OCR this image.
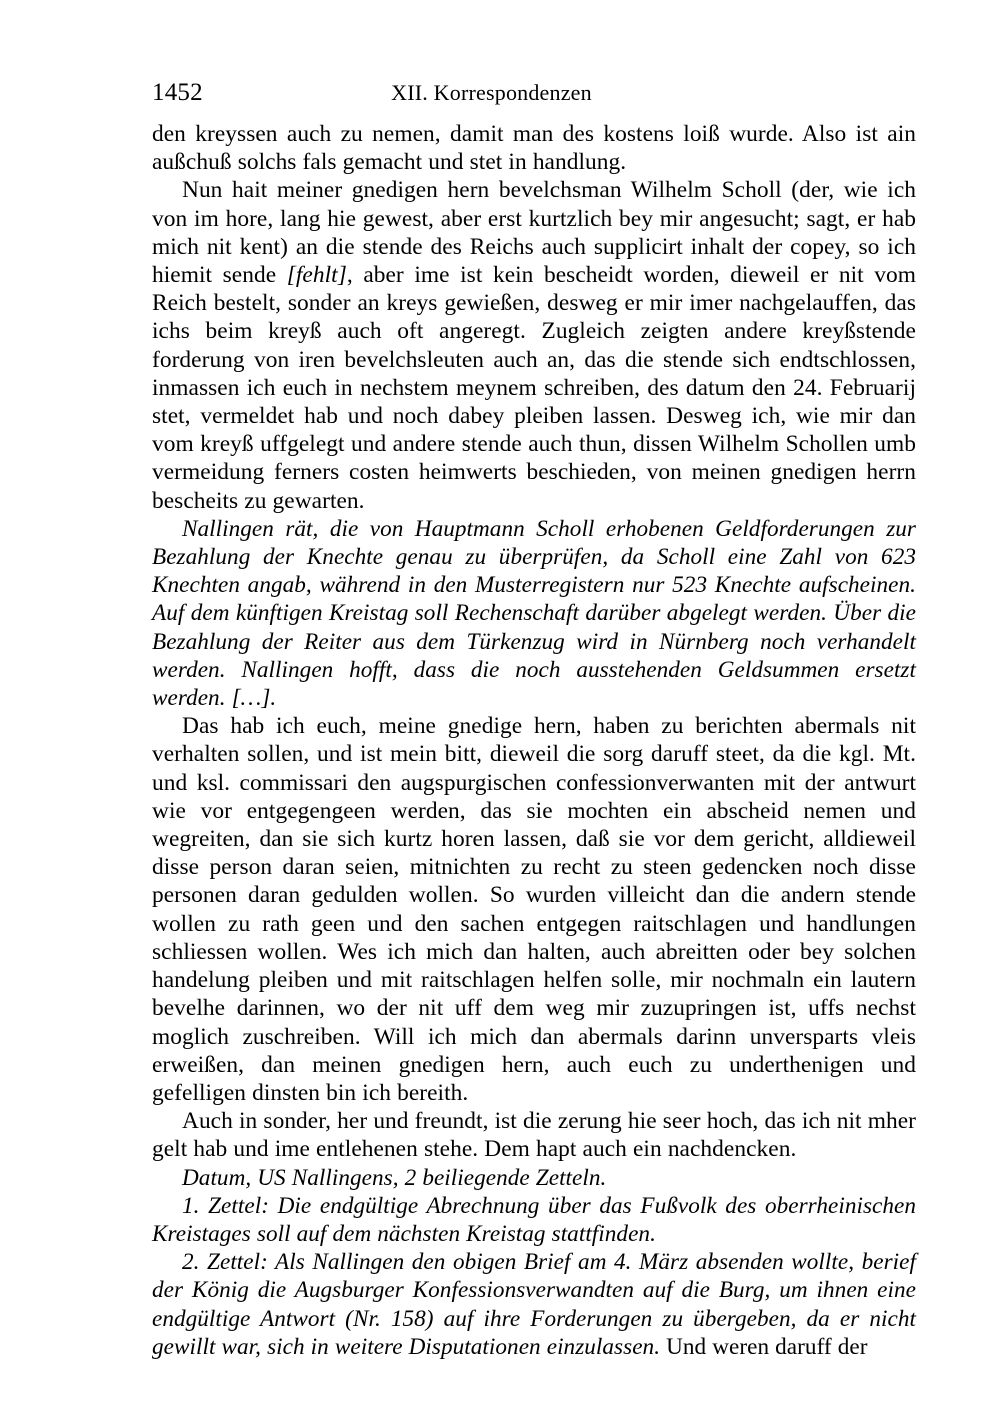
1452	XII. Korrespondenzen

den kreyssen auch zu nemen, damit man des kostens loiß wurde. Also ist ain außchuß solchs fals gemacht und stet in handlung.

Nun hait meiner gnedigen hern bevelchsman Wilhelm Scholl (der, wie ich von im hore, lang hie gewest, aber erst kurtzlich bey mir angesucht; sagt, er hab mich nit kent) an die stende des Reichs auch supplicirt inhalt der copey, so ich hiemit sende [fehlt], aber ime ist kein bescheidt worden, dieweil er nit vom Reich bestelt, sonder an kreys gewießen, desweg er mir imer nachgelauffen, das ichs beim kreyß auch oft angeregt. Zugleich zeigten andere kreyßstende forderung von iren bevelchsleuten auch an, das die stende sich endtschlossen, inmassen ich euch in nechstem meynem schreiben, des datum den 24. Februarij stet, vermeldet hab und noch dabey pleiben lassen. Desweg ich, wie mir dan vom kreyß uffgelegt und andere stende auch thun, dissen Wilhelm Schollen umb vermeidung ferners costen heimwerts beschieden, von meinen gnedigen herrn bescheits zu gewarten.

Nallingen rät, die von Hauptmann Scholl erhobenen Geldforderungen zur Bezahlung der Knechte genau zu überprüfen, da Scholl eine Zahl von 623 Knechten angab, während in den Musterregistern nur 523 Knechte aufscheinen. Auf dem künftigen Kreistag soll Rechenschaft darüber abgelegt werden. Über die Bezahlung der Reiter aus dem Türkenzug wird in Nürnberg noch verhandelt werden. Nallingen hofft, dass die noch ausstehenden Geldsummen ersetzt werden. […].

Das hab ich euch, meine gnedige hern, haben zu berichten abermals nit verhalten sollen, und ist mein bitt, dieweil die sorg daruff steet, da die kgl. Mt. und ksl. commissari den augspurgischen confessionverwanten mit der antwurt wie vor entgegengeen werden, das sie mochten ein abscheid nemen und wegreiten, dan sie sich kurtz horen lassen, daß sie vor dem gericht, alldieweil disse person daran seien, mitnichten zu recht zu steen gedencken noch disse personen daran gedulden wollen. So wurden villeicht dan die andern stende wollen zu rath geen und den sachen entgegen raitschlagen und handlungen schliessen wollen. Wes ich mich dan halten, auch abreitten oder bey solchen handelung pleiben und mit raitschlagen helfen solle, mir nochmaln ein lautern bevelhe darinnen, wo der nit uff dem weg mir zuzupringen ist, uffs nechst moglich zuschreiben. Will ich mich dan abermals darinn unversparts vleis erweißen, dan meinen gnedigen hern, auch euch zu underthenigen und gefelligen dinsten bin ich bereith.

Auch in sonder, her und freundt, ist die zerung hie seer hoch, das ich nit mher gelt hab und ime entlehenen stehe. Dem hapt auch ein nachdencken.

Datum, US Nallingens, 2 beiliegende Zetteln.

1. Zettel: Die endgültige Abrechnung über das Fußvolk des oberrheinischen Kreistages soll auf dem nächsten Kreistag stattfinden.

2. Zettel: Als Nallingen den obigen Brief am 4. März absenden wollte, berief der König die Augsburger Konfessionsverwandten auf die Burg, um ihnen eine endgültige Antwort (Nr. 158) auf ihre Forderungen zu übergeben, da er nicht gewillt war, sich in weitere Disputationen einzulassen. Und weren daruff der
